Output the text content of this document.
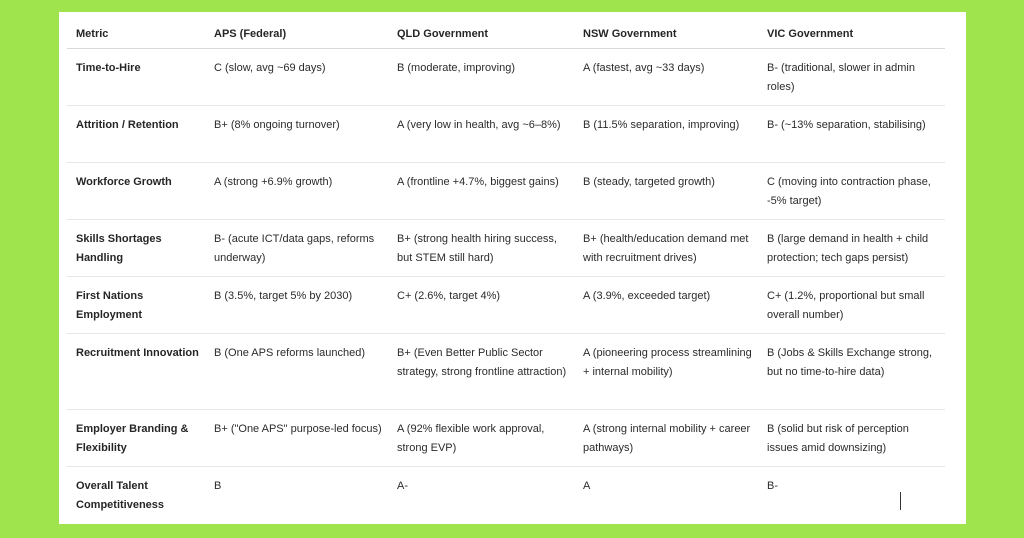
Metric	APS (Federal)	QLD Government	NSW Government	VIC Government
Time-to-Hire	C (slow, avg ~69 days)	B (moderate, improving)	A (fastest, avg ~33 days)	B- (traditional, slower in admin roles)
Attrition / Retention	B+ (8% ongoing turnover)	A (very low in health, avg ~6–8%)	B (11.5% separation, improving)	B- (~13% separation, stabilising)
Workforce Growth	A (strong +6.9% growth)	A (frontline +4.7%, biggest gains)	B (steady, targeted growth)	C (moving into contraction phase, -5% target)
Skills Shortages Handling	B- (acute ICT/data gaps, reforms underway)	B+ (strong health hiring success, but STEM still hard)	B+ (health/education demand met with recruitment drives)	B (large demand in health + child protection; tech gaps persist)
First Nations Employment	B (3.5%, target 5% by 2030)	C+ (2.6%, target 4%)	A (3.9%, exceeded target)	C+ (1.2%, proportional but small overall number)
Recruitment Innovation	B (One APS reforms launched)	B+ (Even Better Public Sector strategy, strong frontline attraction)	A (pioneering process streamlining + internal mobility)	B (Jobs & Skills Exchange strong, but no time-to-hire data)
Employer Branding & Flexibility	B+ ("One APS" purpose-led focus)	A (92% flexible work approval, strong EVP)	A (strong internal mobility + career pathways)	B (solid but risk of perception issues amid downsizing)
Overall Talent Competitiveness	B	A-	A	B-
